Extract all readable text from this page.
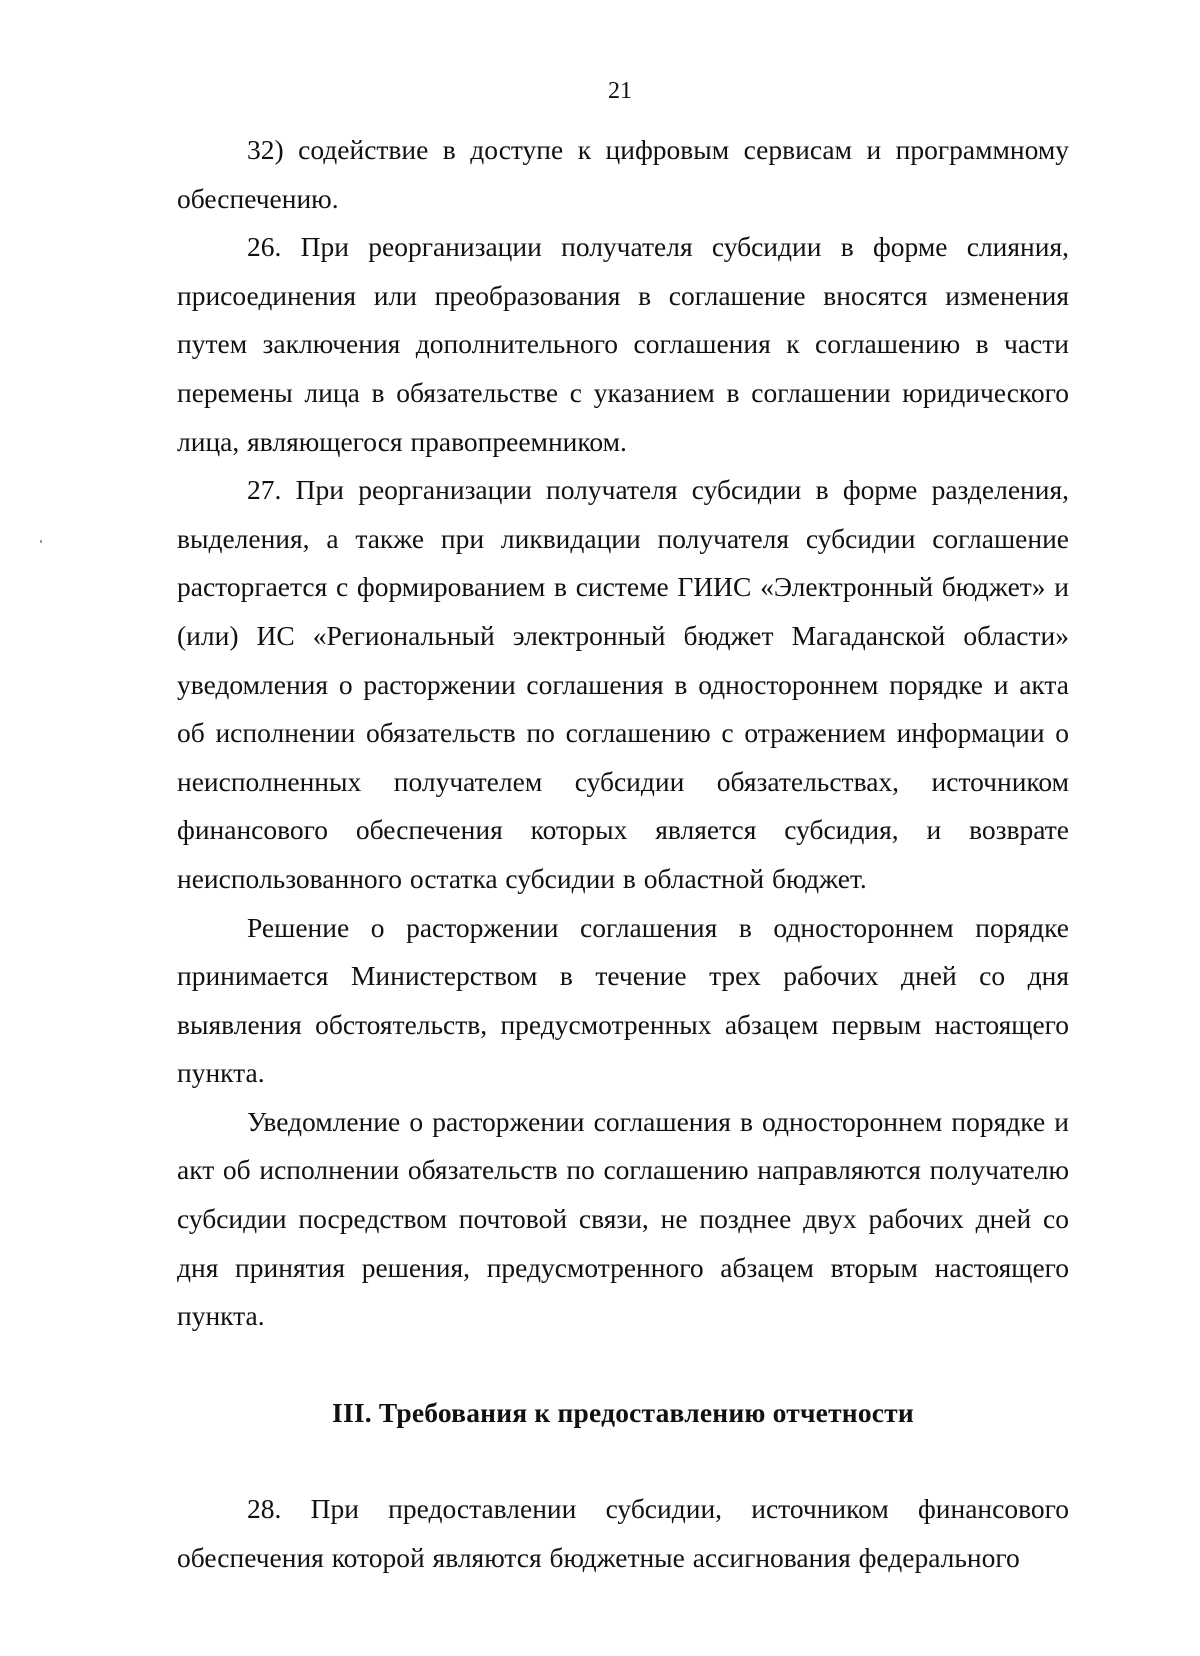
21

32) содействие в доступе к цифровым сервисам и программному обеспечению.

26. При реорганизации получателя субсидии в форме слияния, присоединения или преобразования в соглашение вносятся изменения путем заключения дополнительного соглашения к соглашению в части перемены лица в обязательстве с указанием в соглашении юридического лица, являющегося правопреемником.

27. При реорганизации получателя субсидии в форме разделения, выделения, а также при ликвидации получателя субсидии соглашение расторгается с формированием в системе ГИИС «Электронный бюджет» и (или) ИС «Региональный электронный бюджет Магаданской области» уведомления о расторжении соглашения в одностороннем порядке и акта об исполнении обязательств по соглашению с отражением информации о неисполненных получателем субсидии обязательствах, источником финансового обеспечения которых является субсидия, и возврате неиспользованного остатка субсидии в областной бюджет.

Решение о расторжении соглашения в одностороннем порядке принимается Министерством в течение трех рабочих дней со дня выявления обстоятельств, предусмотренных абзацем первым настоящего пункта.

Уведомление о расторжении соглашения в одностороннем порядке и акт об исполнении обязательств по соглашению направляются получателю субсидии посредством почтовой связи, не позднее двух рабочих дней со дня принятия решения, предусмотренного абзацем вторым настоящего пункта.

III. Требования к предоставлению отчетности

28. При предоставлении субсидии, источником финансового обеспечения которой являются бюджетные ассигнования федерального
